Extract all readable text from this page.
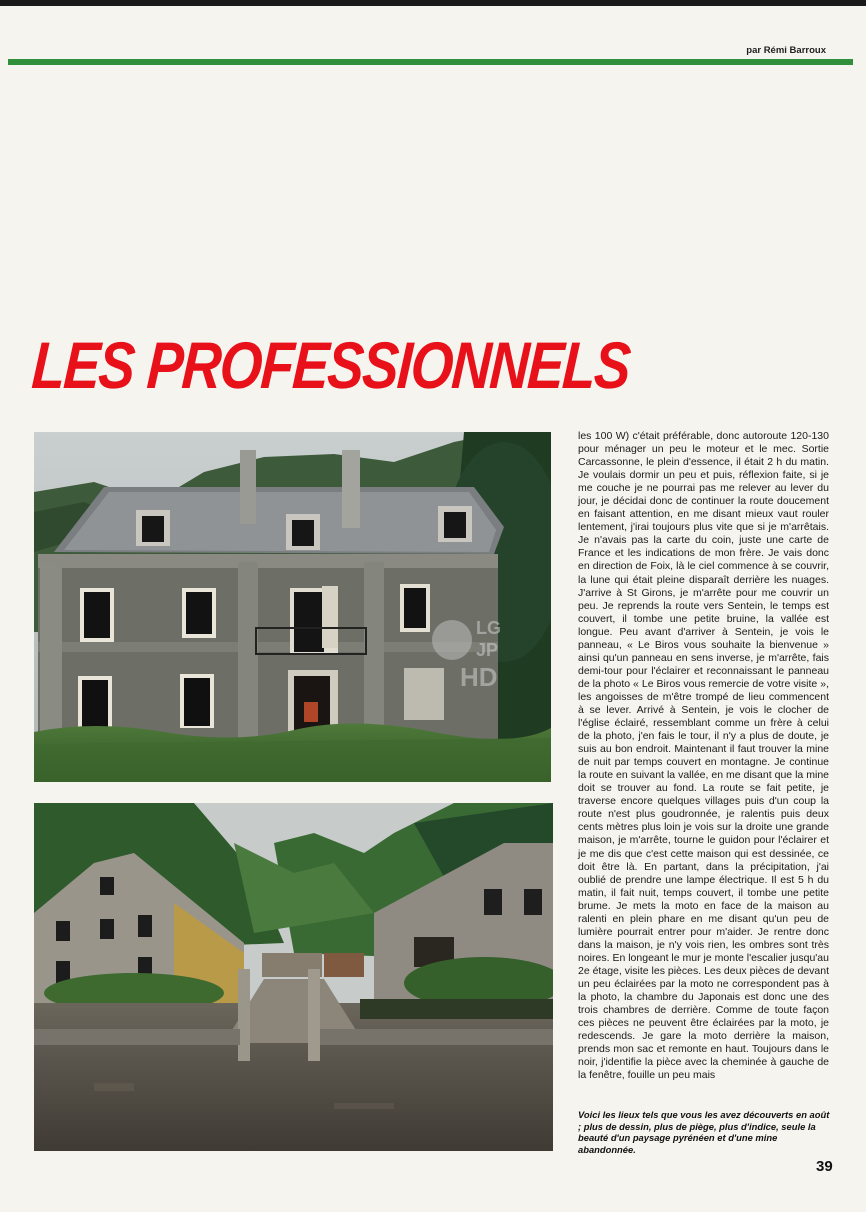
par Rémi Barroux
LES PROFESSIONNELS
LG
JP
HD
les 100 W) c'était préférable, donc autoroute 120-130 pour ménager un peu le moteur et le mec. Sortie Carcassonne, le plein d'essence, il était 2 h du matin. Je voulais dormir un peu et puis, réflexion faite, si je me couche je ne pourrai pas me relever au lever du jour, je décidai donc de continuer la route doucement en faisant attention, en me disant mieux vaut rouler lentement, j'irai toujours plus vite que si je m'arrêtais. Je n'avais pas la carte du coin, juste une carte de France et les indications de mon frère. Je vais donc en direction de Foix, là le ciel commence à se couvrir, la lune qui était pleine disparaît derrière les nuages. J'arrive à St Girons, je m'arrête pour me couvrir un peu. Je reprends la route vers Sentein, le temps est couvert, il tombe une petite bruine, la vallée est longue. Peu avant d'arriver à Sentein, je vois le panneau, « Le Biros vous souhaite la bienvenue » ainsi qu'un panneau en sens inverse, je m'arrête, fais demi-tour pour l'éclairer et reconnaissant le panneau de la photo « Le Biros vous remercie de votre visite », les angoisses de m'être trompé de lieu commencent à se lever. Arrivé à Sentein, je vois le clocher de l'église éclairé, ressemblant comme un frère à celui de la photo, j'en fais le tour, il n'y a plus de doute, je suis au bon endroit. Maintenant il faut trouver la mine de nuit par temps couvert en montagne. Je continue la route en suivant la vallée, en me disant que la mine doit se trouver au fond. La route se fait petite, je traverse encore quelques villages puis d'un coup la route n'est plus goudronnée, je ralentis puis deux cents mètres plus loin je vois sur la droite une grande maison, je m'arrête, tourne le guidon pour l'éclairer et je me dis que c'est cette maison qui est dessinée, ce doit être là. En partant, dans la précipitation, j'ai oublié de prendre une lampe électrique. Il est 5 h du matin, il fait nuit, temps couvert, il tombe une petite brume. Je mets la moto en face de la maison au ralenti en plein phare en me disant qu'un peu de lumière pourrait entrer pour m'aider. Je rentre donc dans la maison, je n'y vois rien, les ombres sont très noires. En longeant le mur je monte l'escalier jusqu'au 2e étage, visite les pièces. Les deux pièces de devant un peu éclairées par la moto ne correspondent pas à la photo, la chambre du Japonais est donc une des trois chambres de derrière. Comme de toute façon ces pièces ne peuvent être éclairées par la moto, je redescends. Je gare la moto derrière la maison, prends mon sac et remonte en haut. Toujours dans le noir, j'identifie la pièce avec la cheminée à gauche de la fenêtre, fouille un peu mais
Voici les lieux tels que vous les avez découverts en août ; plus de dessin, plus de piège, plus d'indice, seule la beauté d'un paysage pyrénéen et d'une mine abandonnée.
39
